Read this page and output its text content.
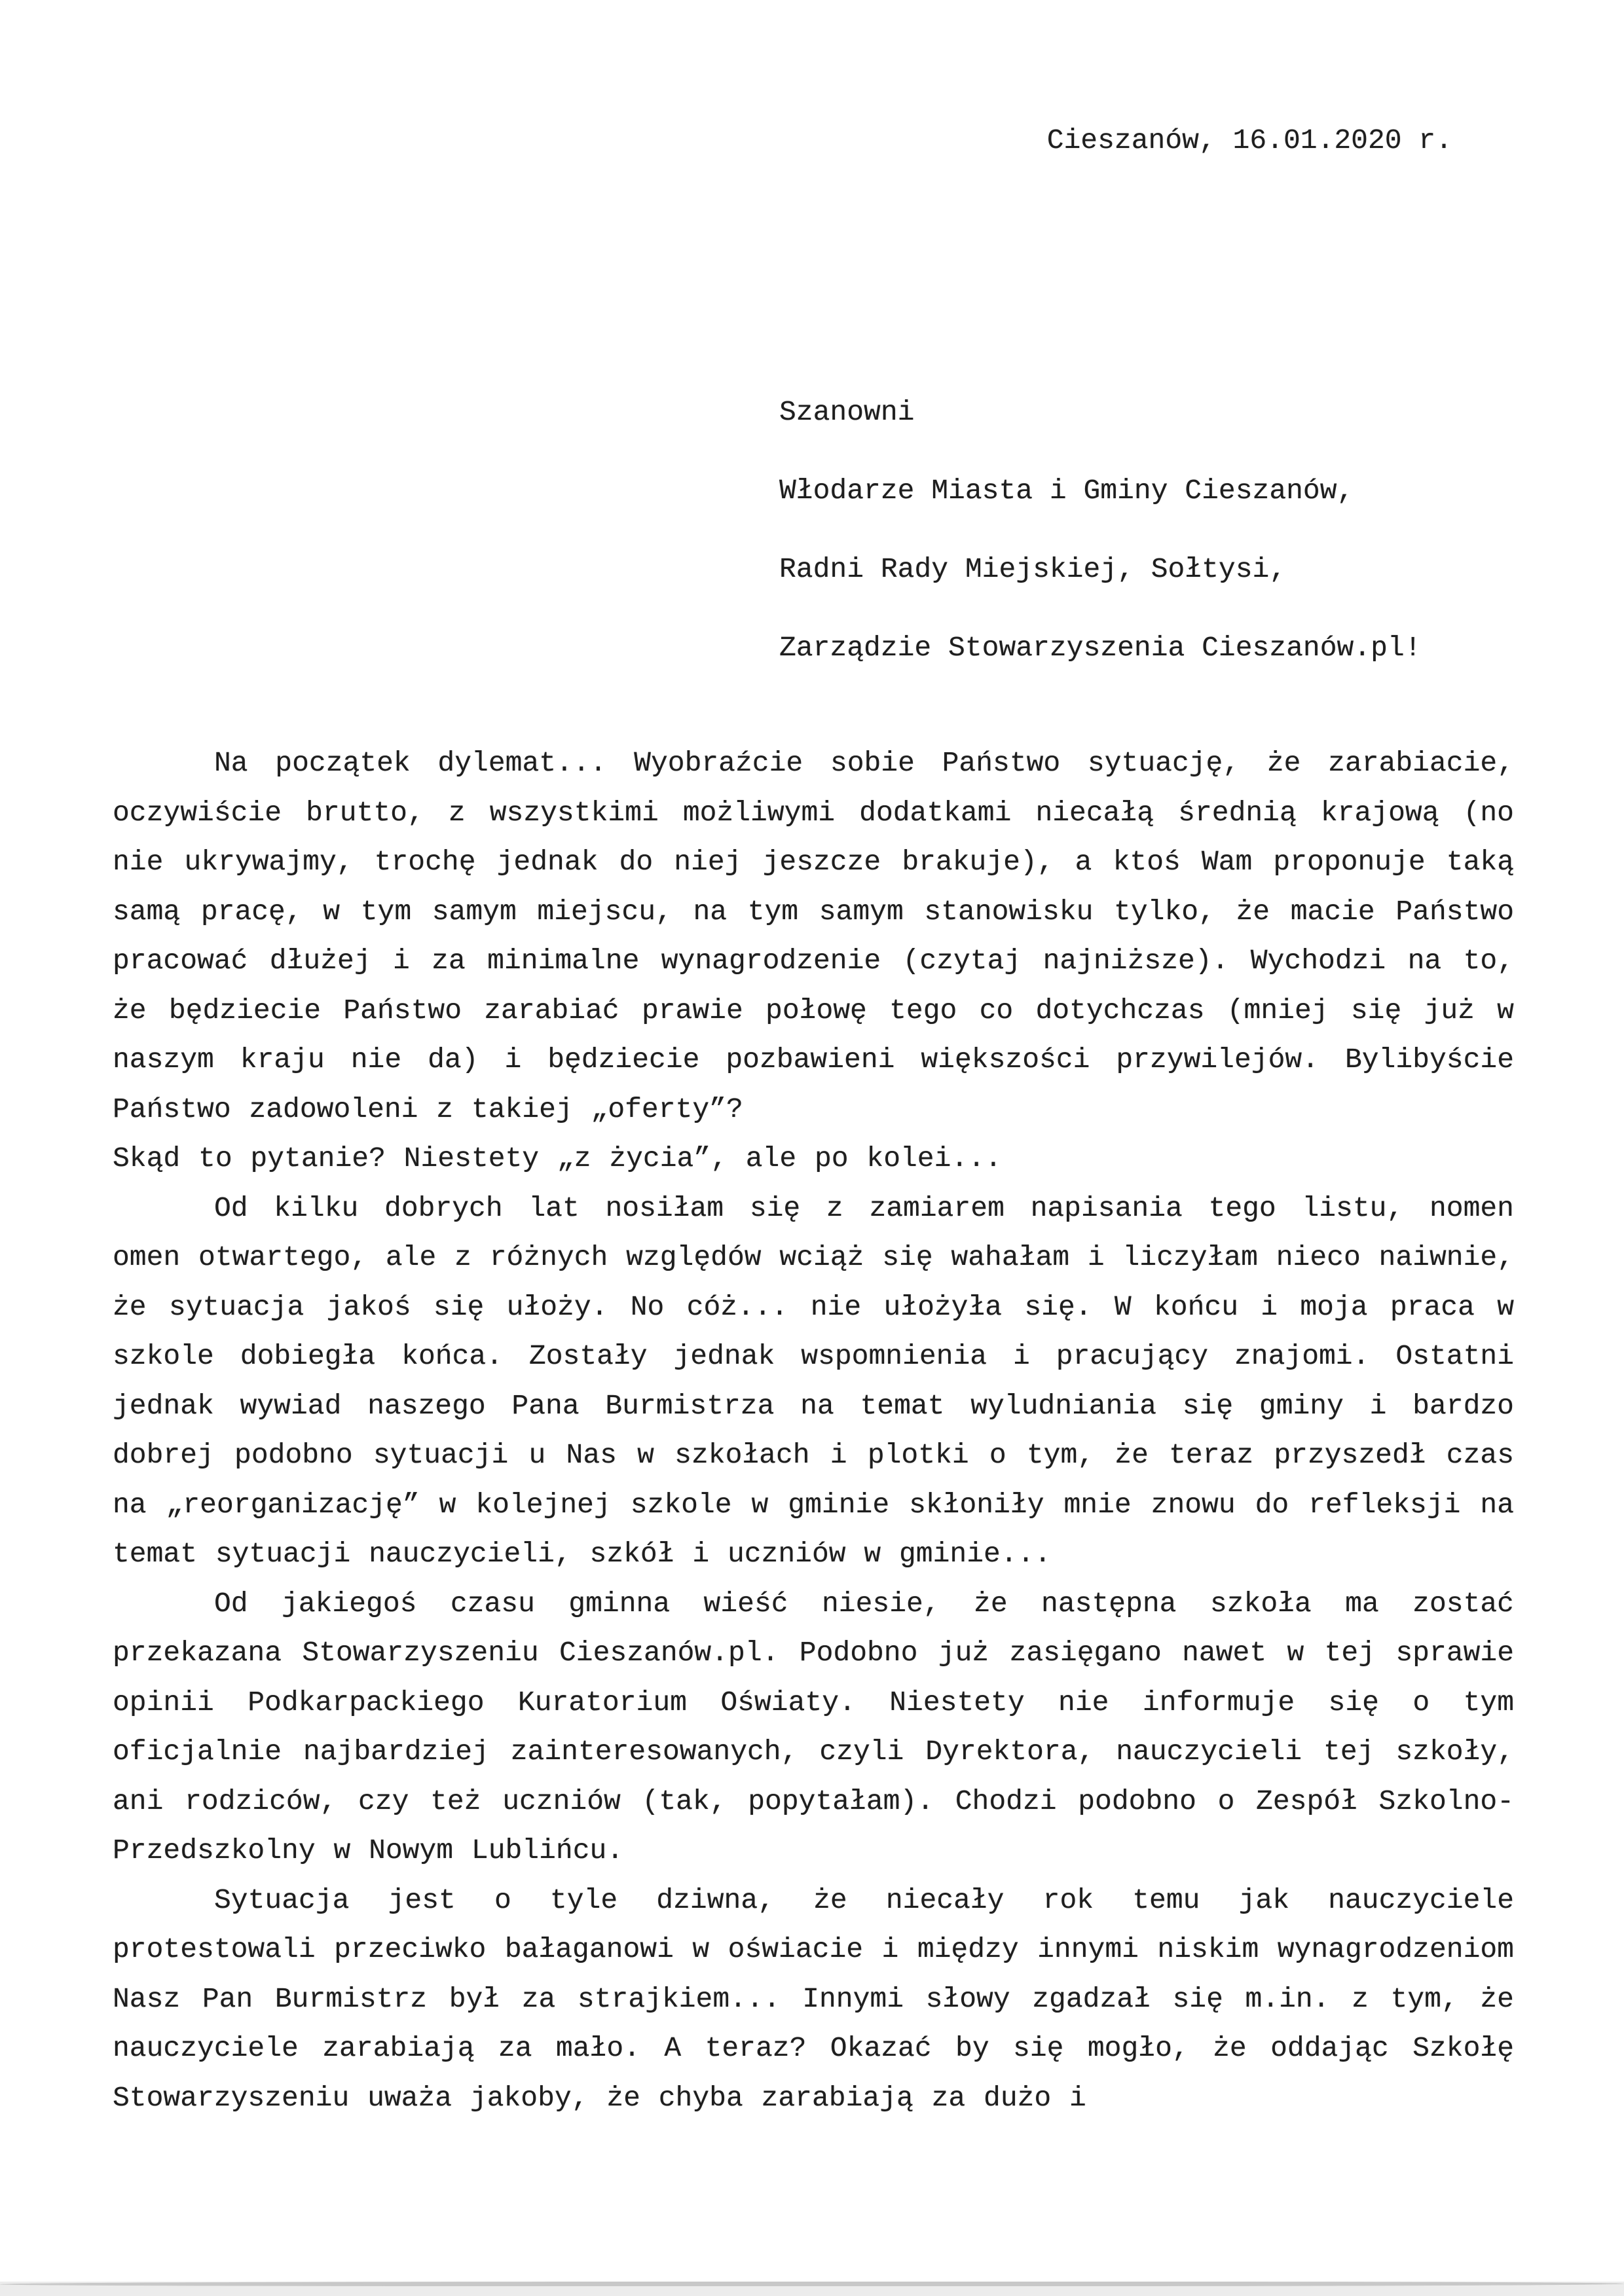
Cieszanów, 16.01.2020 r.
Szanowni
Włodarze Miasta i Gminy Cieszanów,
Radni Rady Miejskiej, Sołtysi,
Zarządzie Stowarzyszenia Cieszanów.pl!

Na początek dylemat... Wyobraźcie sobie Państwo sytuację, że zarabiacie, oczywiście brutto, z wszystkimi możliwymi dodatkami niecałą średnią krajową (no nie ukrywajmy, trochę jednak do niej jeszcze brakuje), a ktoś Wam proponuje taką samą pracę, w tym samym miejscu, na tym samym stanowisku tylko, że macie Państwo pracować dłużej i za minimalne wynagrodzenie (czytaj najniższe). Wychodzi na to, że będziecie Państwo zarabiać prawie połowę tego co dotychczas (mniej się już w naszym kraju nie da) i będziecie pozbawieni większości przywilejów. Bylibyście Państwo zadowoleni z takiej „oferty”?

Skąd to pytanie? Niestety „z życia”, ale po kolei...

Od kilku dobrych lat nosiłam się z zamiarem napisania tego listu, nomen omen otwartego, ale z różnych względów wciąż się wahałam i liczyłam nieco naiwnie, że sytuacja jakoś się ułoży. No cóż... nie ułożyła się. W końcu i moja praca w szkole dobiegła końca. Zostały jednak wspomnienia i pracujący znajomi. Ostatni jednak wywiad naszego Pana Burmistrza na temat wyludniania się gminy i bardzo dobrej podobno sytuacji u Nas w szkołach i plotki o tym, że teraz przyszedł czas na „reorganizację” w kolejnej szkole w gminie skłoniły mnie znowu do refleksji na temat sytuacji nauczycieli, szkół i uczniów w gminie...

Od jakiegoś czasu gminna wieść niesie, że następna szkoła ma zostać przekazana Stowarzyszeniu Cieszanów.pl. Podobno już zasięgano nawet w tej sprawie opinii Podkarpackiego Kuratorium Oświaty. Niestety nie informuje się o tym oficjalnie najbardziej zainteresowanych, czyli Dyrektora, nauczycieli tej szkoły, ani rodziców, czy też uczniów (tak, popytałam). Chodzi podobno o Zespół Szkolno-Przedszkolny w Nowym Lublińcu.

Sytuacja jest o tyle dziwna, że niecały rok temu jak nauczyciele protestowali przeciwko bałaganowi w oświacie i między innymi niskim wynagrodzeniom Nasz Pan Burmistrz był za strajkiem... Innymi słowy zgadzał się m.in. z tym, że nauczyciele zarabiają za mało. A teraz? Okazać by się mogło, że oddając Szkołę Stowarzyszeniu uważa jakoby, że chyba zarabiają za dużo i
